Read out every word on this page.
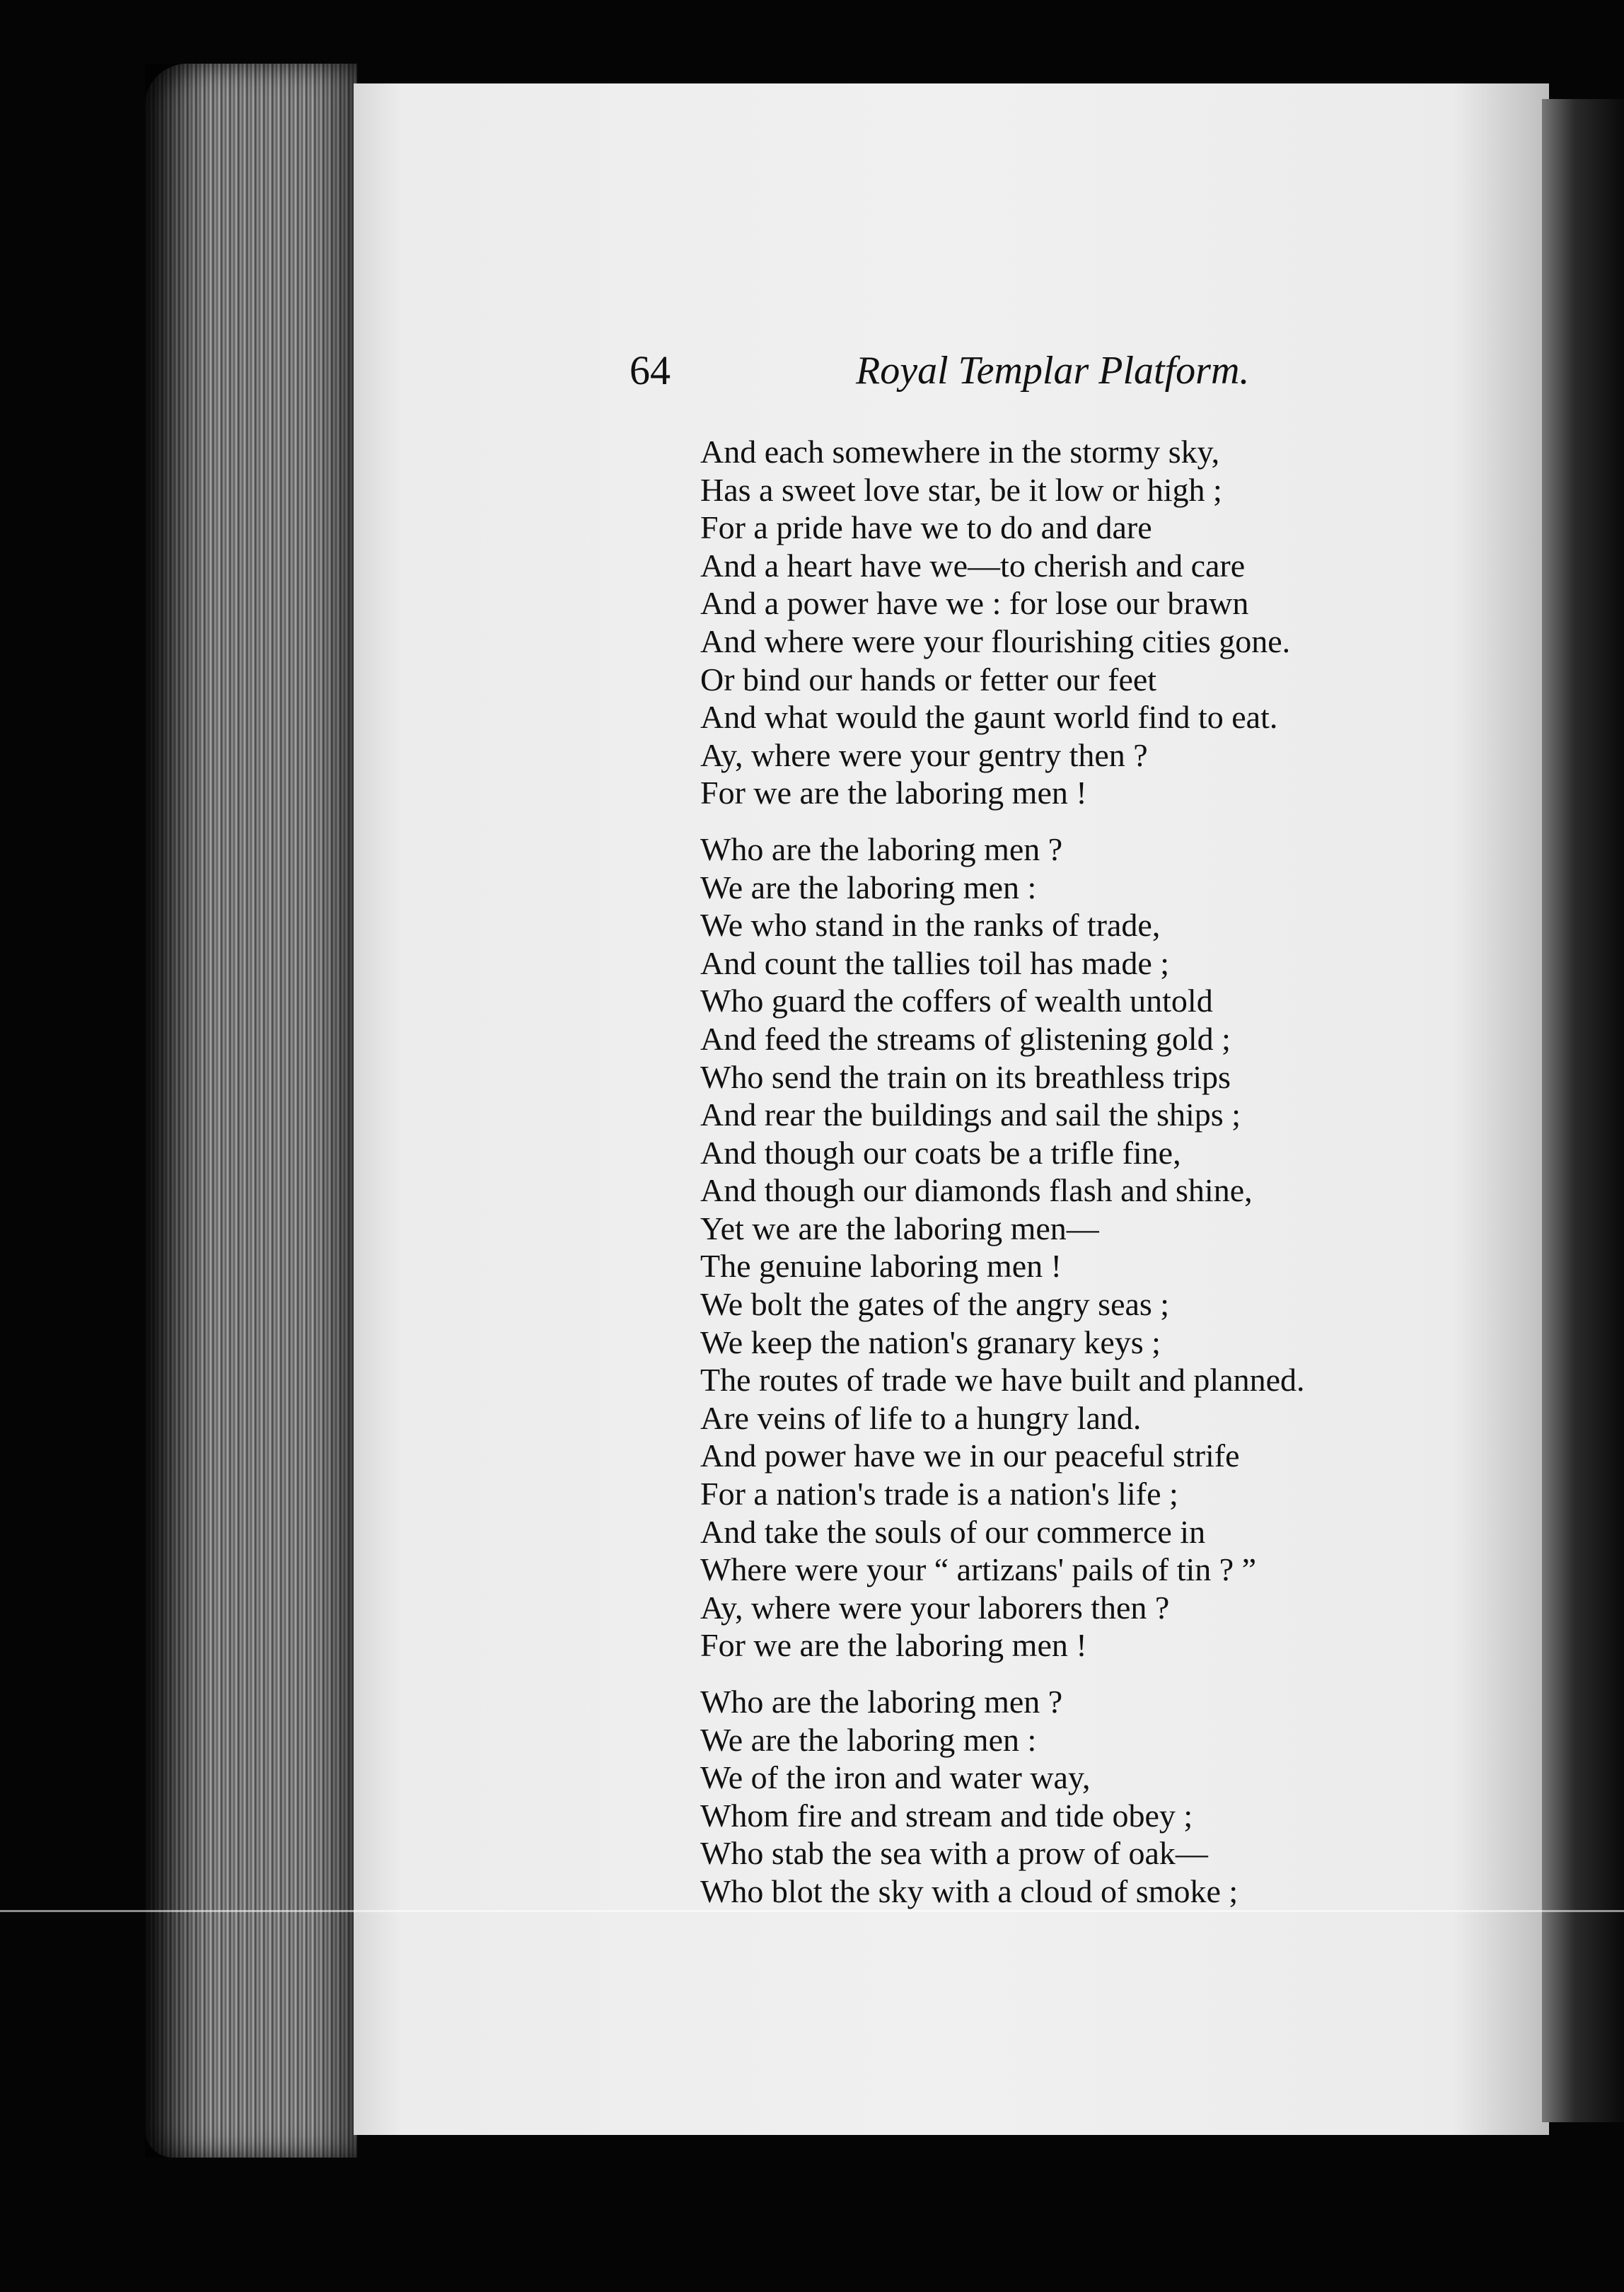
64	Royal Templar Platform.
And each somewhere in the stormy sky,
Has a sweet love star, be it low or high ;
For a pride have we to do and dare
And a heart have we—to cherish and care
And a power have we : for lose our brawn
And where were your flourishing cities gone.
Or bind our hands or fetter our feet
And what would the gaunt world find to eat.
Ay, where were your gentry then ?
For we are the laboring men !
Who are the laboring men ?
We are the laboring men :
We who stand in the ranks of trade,
And count the tallies toil has made ;
Who guard the coffers of wealth untold
And feed the streams of glistening gold ;
Who send the train on its breathless trips
And rear the buildings and sail the ships ;
And though our coats be a trifle fine,
And though our diamonds flash and shine,
Yet we are the laboring men—
The genuine laboring men !
We bolt the gates of the angry seas ;
We keep the nation's granary keys ;
The routes of trade we have built and planned.
Are veins of life to a hungry land.
And power have we in our peaceful strife
For a nation's trade is a nation's life ;
And take the souls of our commerce in
Where were your “ artizans' pails of tin ? ”
Ay, where were your laborers then ?
For we are the laboring men !
Who are the laboring men ?
We are the laboring men :
We of the iron and water way,
Whom fire and stream and tide obey ;
Who stab the sea with a prow of oak—
Who blot the sky with a cloud of smoke ;
